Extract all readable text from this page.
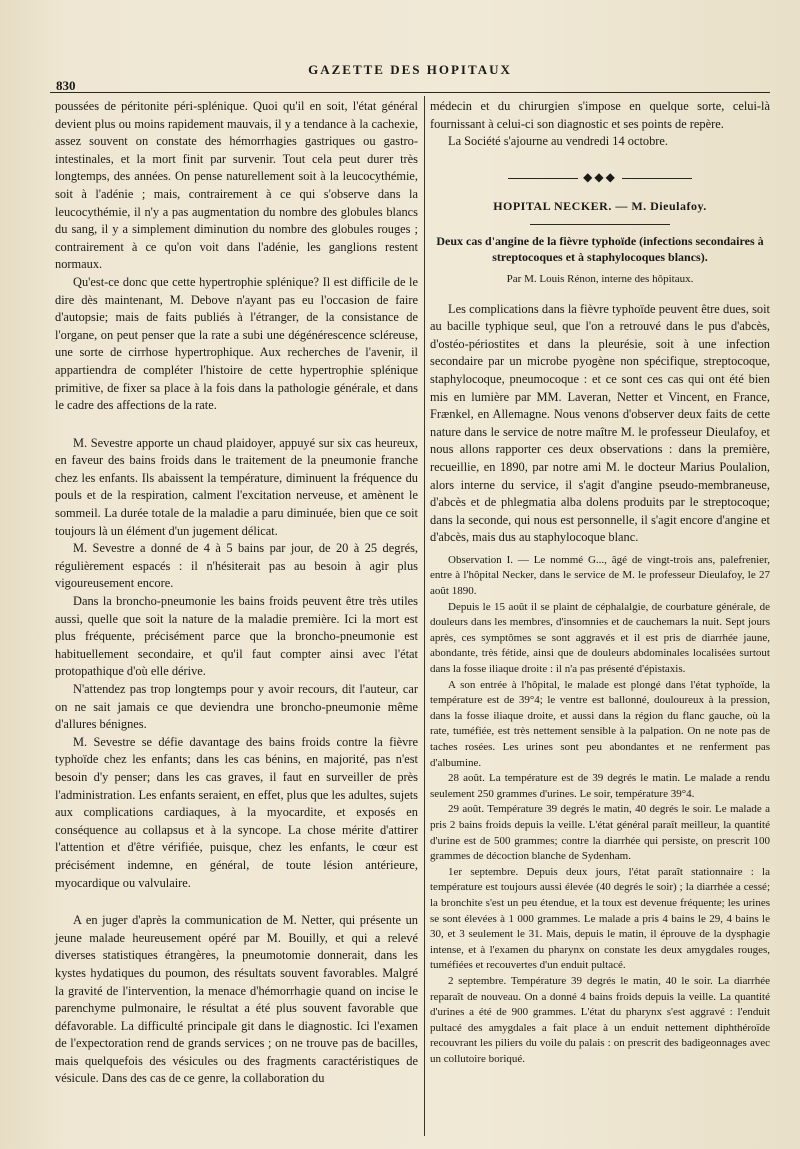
830
GAZETTE DES HOPITAUX

poussées de péritonite péri-splénique. Quoi qu'il en soit, l'état général devient plus ou moins rapidement mauvais, il y a tendance à la cachexie, assez souvent on constate des hémorrhagies gastriques ou gastro-intestinales, et la mort finit par survenir. Tout cela peut durer très longtemps, des années. On pense naturellement soit à la leucocythémie, soit à l'adénie ; mais, contrairement à ce qui s'observe dans la leucocythémie, il n'y a pas augmentation du nombre des globules blancs du sang, il y a simplement diminution du nombre des globules rouges ; contrairement à ce qu'on voit dans l'adénie, les ganglions restent normaux.

Qu'est-ce donc que cette hypertrophie splénique? Il est difficile de le dire dès maintenant, M. Debove n'ayant pas eu l'occasion de faire d'autopsie; mais de faits publiés à l'étranger, de la consistance de l'organe, on peut penser que la rate a subi une dégénérescence scléreuse, une sorte de cirrhose hypertrophique. Aux recherches de l'avenir, il appartiendra de compléter l'histoire de cette hypertrophie splénique primitive, de fixer sa place à la fois dans la pathologie générale, et dans le cadre des affections de la rate.

M. Sevestre apporte un chaud plaidoyer, appuyé sur six cas heureux, en faveur des bains froids dans le traitement de la pneumonie franche chez les enfants. Ils abaissent la température, diminuent la fréquence du pouls et de la respiration, calment l'excitation nerveuse, et amènent le sommeil. La durée totale de la maladie a paru diminuée, bien que ce soit toujours là un élément d'un jugement délicat.

M. Sevestre a donné de 4 à 5 bains par jour, de 20 à 25 degrés, régulièrement espacés : il n'hésiterait pas au besoin à agir plus vigoureusement encore.

Dans la broncho-pneumonie les bains froids peuvent être très utiles aussi, quelle que soit la nature de la maladie première. Ici la mort est plus fréquente, précisément parce que la broncho-pneumonie est habituellement secondaire, et qu'il faut compter ainsi avec l'état protopathique d'où elle dérive.

N'attendez pas trop longtemps pour y avoir recours, dit l'auteur, car on ne sait jamais ce que deviendra une broncho-pneumonie même d'allures bénignes.

M. Sevestre se défie davantage des bains froids contre la fièvre typhoïde chez les enfants; dans les cas bénins, en majorité, pas n'est besoin d'y penser; dans les cas graves, il faut en surveiller de près l'administration. Les enfants seraient, en effet, plus que les adultes, sujets aux complications cardiaques, à la myocardite, et exposés en conséquence au collapsus et à la syncope. La chose mérite d'attirer l'attention et d'être vérifiée, puisque, chez les enfants, le cœur est précisément indemne, en général, de toute lésion antérieure, myocardique ou valvulaire.

A en juger d'après la communication de M. Netter, qui présente un jeune malade heureusement opéré par M. Bouilly, et qui a relevé diverses statistiques étrangères, la pneumotomie donnerait, dans les kystes hydatiques du poumon, des résultats souvent favorables. Malgré la gravité de l'intervention, la menace d'hémorrhagie quand on incise le parenchyme pulmonaire, le résultat a été plus souvent favorable que défavorable. La difficulté principale git dans le diagnostic. Ici l'examen de l'expectoration rend de grands services ; on ne trouve pas de bacilles, mais quelquefois des vésicules ou des fragments caractéristiques de vésicule. Dans des cas de ce genre, la collaboration du

médecin et du chirurgien s'impose en quelque sorte, celui-là fournissant à celui-ci son diagnostic et ses points de repère.

La Société s'ajourne au vendredi 14 octobre.

◆◆◆
HOPITAL NECKER. — M. Dieulafoy.
Deux cas d'angine de la fièvre typhoïde (infections secondaires à streptocoques et à staphylocoques blancs).
Par M. Louis Rénon, interne des hôpitaux.

Les complications dans la fièvre typhoïde peuvent être dues, soit au bacille typhique seul, que l'on a retrouvé dans le pus d'abcès, d'ostéo-périostites et dans la pleurésie, soit à une infection secondaire par un microbe pyogène non spécifique, streptocoque, staphylocoque, pneumocoque : et ce sont ces cas qui ont été bien mis en lumière par MM. Laveran, Netter et Vincent, en France, Frænkel, en Allemagne. Nous venons d'observer deux faits de cette nature dans le service de notre maître M. le professeur Dieulafoy, et nous allons rapporter ces deux observations : dans la première, recueillie, en 1890, par notre ami M. le docteur Marius Poulalion, alors interne du service, il s'agit d'angine pseudo-membraneuse, d'abcès et de phlegmatia alba dolens produits par le streptocoque; dans la seconde, qui nous est personnelle, il s'agit encore d'angine et d'abcès, mais dus au staphylocoque blanc.

Observation I. — Le nommé G..., âgé de vingt-trois ans, palefrenier, entre à l'hôpital Necker, dans le service de M. le professeur Dieulafoy, le 27 août 1890.

Depuis le 15 août il se plaint de céphalalgie, de courbature générale, de douleurs dans les membres, d'insomnies et de cauchemars la nuit. Sept jours après, ces symptômes se sont aggravés et il est pris de diarrhée jaune, abondante, très fétide, ainsi que de douleurs abdominales localisées surtout dans la fosse iliaque droite : il n'a pas présenté d'épistaxis.

A son entrée à l'hôpital, le malade est plongé dans l'état typhoïde, la température est de 39°4; le ventre est ballonné, douloureux à la pression, dans la fosse iliaque droite, et aussi dans la région du flanc gauche, où la rate, tuméfiée, est très nettement sensible à la palpation. On ne note pas de taches rosées. Les urines sont peu abondantes et ne renferment pas d'albumine.

28 août. La température est de 39 degrés le matin. Le malade a rendu seulement 250 grammes d'urines. Le soir, température 39°4.

29 août. Température 39 degrés le matin, 40 degrés le soir. Le malade a pris 2 bains froids depuis la veille. L'état général paraît meilleur, la quantité d'urine est de 500 grammes; contre la diarrhée qui persiste, on prescrit 100 grammes de décoction blanche de Sydenham.

1er septembre. Depuis deux jours, l'état paraît stationnaire : la température est toujours aussi élevée (40 degrés le soir) ; la diarrhée a cessé; la bronchite s'est un peu étendue, et la toux est devenue fréquente; les urines se sont élevées à 1 000 grammes. Le malade a pris 4 bains le 29, 4 bains le 30, et 3 seulement le 31. Mais, depuis le matin, il éprouve de la dysphagie intense, et à l'examen du pharynx on constate les deux amygdales rouges, tuméfiées et recouvertes d'un enduit pultacé.

2 septembre. Température 39 degrés le matin, 40 le soir. La diarrhée reparaît de nouveau. On a donné 4 bains froids depuis la veille. La quantité d'urines a été de 900 grammes. L'état du pharynx s'est aggravé : l'enduit pultacé des amygdales a fait place à un enduit nettement diphthéroïde recouvrant les piliers du voile du palais : on prescrit des badigeonnages avec un collutoire boriqué.
